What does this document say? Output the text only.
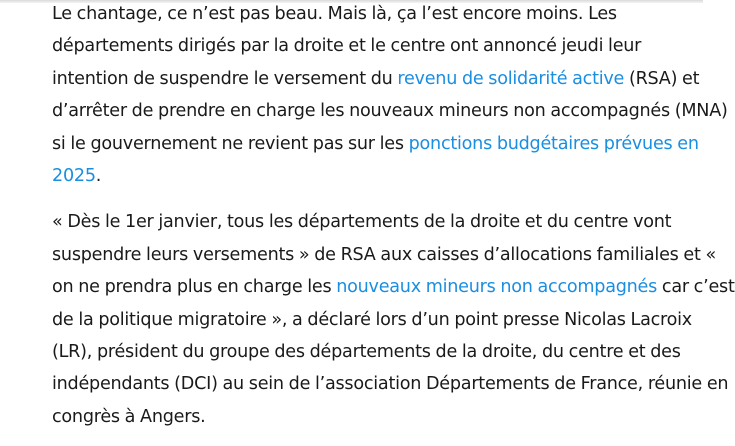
Le chantage, ce n’est pas beau. Mais là, ça l’est encore moins. Les
départements dirigés par la droite et le centre ont annoncé jeudi leur
intention de suspendre le versement du revenu de solidarité active (RSA) et
d’arrêter de prendre en charge les nouveaux mineurs non accompagnés (MNA)
si le gouvernement ne revient pas sur les ponctions budgétaires prévues en
2025.
« Dès le 1er janvier, tous les départements de la droite et du centre vont
suspendre leurs versements » de RSA aux caisses d’allocations familiales et «
on ne prendra plus en charge les nouveaux mineurs non accompagnés car c’est
de la politique migratoire », a déclaré lors d’un point presse Nicolas Lacroix
(LR), président du groupe des départements de la droite, du centre et des
indépendants (DCI) au sein de l’association Départements de France, réunie en
congrès à Angers.
